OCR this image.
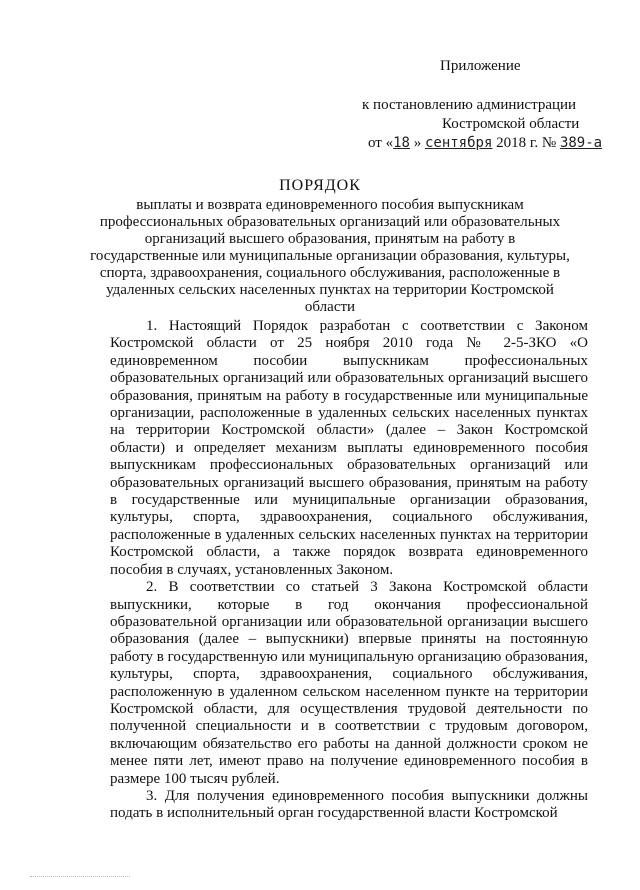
Приложение
к постановлению администрации
Костромской области
от «18 » сентября 2018 г. № 389-а
ПОРЯДОК
выплаты и возврата единовременного пособия выпускникам профессиональных образовательных организаций или образовательных организаций высшего образования, принятым на работу в государственные или муниципальные организации образования, культуры, спорта, здравоохранения, социального обслуживания, расположенные в удаленных сельских населенных пунктах на территории Костромской области

1. Настоящий Порядок разработан с соответствии с Законом Костромской области от 25 ноября 2010 года № 2-5-ЗКО «О единовременном пособии выпускникам профессиональных образовательных организаций или образовательных организаций высшего образования, принятым на работу в государственные или муниципальные организации, расположенные в удаленных сельских населенных пунктах на территории Костромской области» (далее – Закон Костромской области) и определяет механизм выплаты единовременного пособия выпускникам профессиональных образовательных организаций или образовательных организаций высшего образования, принятым на работу в государственные или муниципальные организации образования, культуры, спорта, здравоохранения, социального обслуживания, расположенные в удаленных сельских населенных пунктах на территории Костромской области, а также порядок возврата единовременного пособия в случаях, установленных Законом.

2. В соответствии со статьей 3 Закона Костромской области выпускники, которые в год окончания профессиональной образовательной организации или образовательной организации высшего образования (далее – выпускники) впервые приняты на постоянную работу в государственную или муниципальную организацию образования, культуры, спорта, здравоохранения, социального обслуживания, расположенную в удаленном сельском населенном пункте на территории Костромской области, для осуществления трудовой деятельности по полученной специальности и в соответствии с трудовым договором, включающим обязательство его работы на данной должности сроком не менее пяти лет, имеют право на получение единовременного пособия в размере 100 тысяч рублей.

3. Для получения единовременного пособия выпускники должны подать в исполнительный орган государственной власти Костромской
